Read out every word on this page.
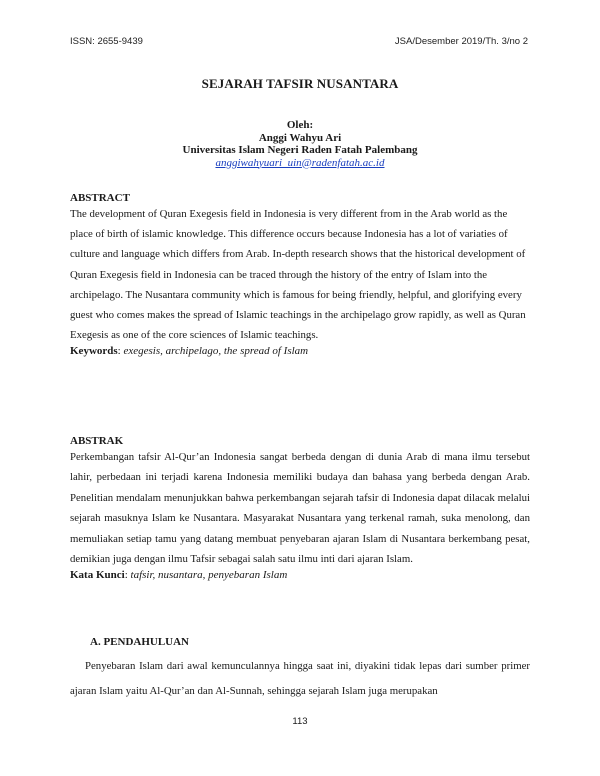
ISSN: 2655-9439	JSA/Desember 2019/Th. 3/no 2
SEJARAH TAFSIR NUSANTARA
Oleh:
Anggi Wahyu Ari
Universitas Islam Negeri Raden Fatah Palembang
anggiwahyuari_uin@radenfatah.ac.id
ABSTRACT
The development of Quran Exegesis field in Indonesia is very different from in the Arab world as the place of birth of islamic knowledge. This difference occurs because Indonesia has a lot of variaties of culture and language which differs from Arab. In-depth research shows that the historical development of Quran Exegesis field in Indonesia can be traced through the history of the entry of Islam into the archipelago. The Nusantara community which is famous for being friendly, helpful, and glorifying every guest who comes makes the spread of Islamic teachings in the archipelago grow rapidly, as well as Quran Exegesis as one of the core sciences of Islamic teachings.
Keywords: exegesis, archipelago, the spread of Islam
ABSTRAK
Perkembangan tafsir Al-Qur’an Indonesia sangat berbeda dengan di dunia Arab di mana ilmu tersebut lahir, perbedaan ini terjadi karena Indonesia memiliki budaya dan bahasa yang berbeda dengan Arab. Penelitian mendalam menunjukkan bahwa perkembangan sejarah tafsir di Indonesia dapat dilacak melalui sejarah masuknya Islam ke Nusantara. Masyarakat Nusantara yang terkenal ramah, suka menolong, dan memuliakan setiap tamu yang datang membuat penyebaran ajaran Islam di Nusantara berkembang pesat, demikian juga dengan ilmu Tafsir sebagai salah satu ilmu inti dari ajaran Islam.
Kata Kunci: tafsir, nusantara, penyebaran Islam
A. PENDAHULUAN
Penyebaran Islam dari awal kemunculannya hingga saat ini, diyakini tidak lepas dari sumber primer ajaran Islam yaitu Al-Qur’an dan Al-Sunnah, sehingga sejarah Islam juga merupakan
113
